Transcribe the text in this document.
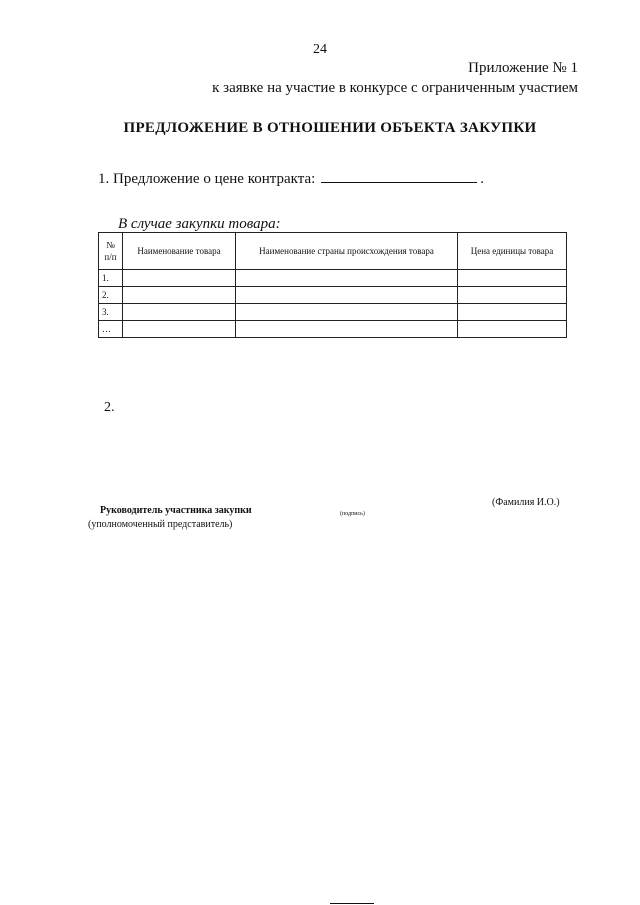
24
Приложение № 1
к заявке на участие в конкурсе с ограниченным участием
ПРЕДЛОЖЕНИЕ В ОТНОШЕНИИ ОБЪЕКТА ЗАКУПКИ
1. Предложение о цене контракта:	.
В случае закупки товара:
№ п/п	Наименование товара	Наименование страны происхождения товара	Цена единицы товара
1.			
2.			
3.			
…			
2.
Руководитель участника закупки
(уполномоченный представитель)
(подпись)
(Фамилия И.О.)
